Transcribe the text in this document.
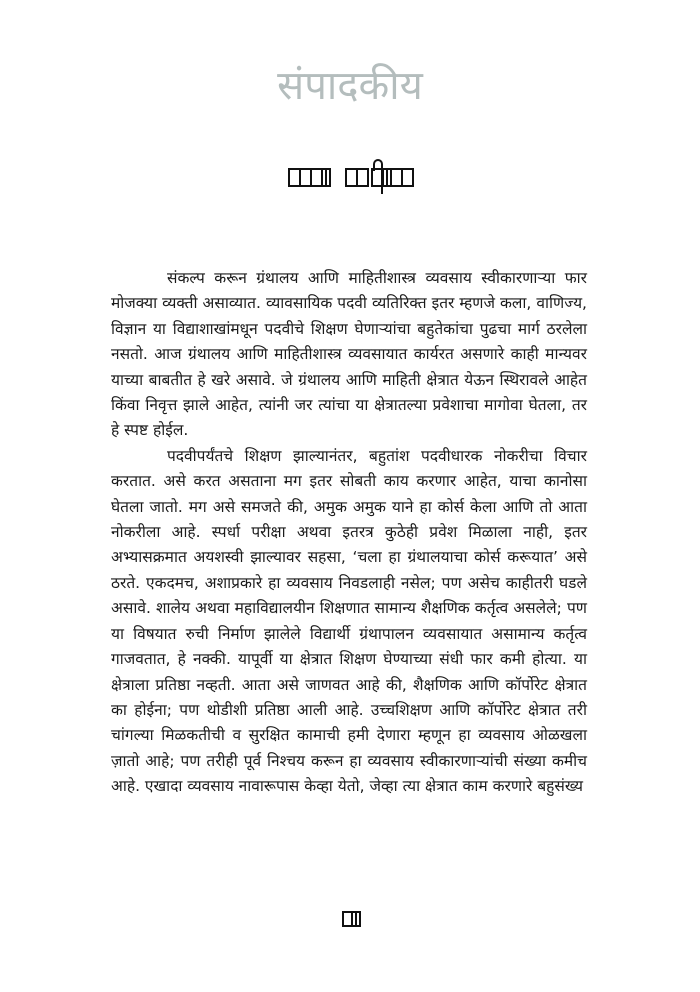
संपादकीय

संकल्प करून ग्रंथालय आणि माहितीशास्त्र व्यवसाय स्वीकारणाऱ्या फार मोजक्या व्यक्ती असाव्यात. व्यावसायिक पदवी व्यतिरिक्त इतर म्हणजे कला, वाणिज्य, विज्ञान या विद्याशाखांमधून पदवीचे शिक्षण घेणाऱ्यांचा बहुतेकांचा पुढचा मार्ग ठरलेला नसतो. आज ग्रंथालय आणि माहितीशास्त्र व्यवसायात कार्यरत असणारे काही मान्यवर याच्या बाबतीत हे खरे असावे. जे ग्रंथालय आणि माहिती क्षेत्रात येऊन स्थिरावले आहेत किंवा निवृत्त झाले आहेत, त्यांनी जर त्यांचा या क्षेत्रातल्या प्रवेशाचा मागोवा घेतला, तर हे स्पष्ट होईल.

पदवीपर्यंतचे शिक्षण झाल्यानंतर, बहुतांश पदवीधारक नोकरीचा विचार करतात. असे करत असताना मग इतर सोबती काय करणार आहेत, याचा कानोसा घेतला जातो. मग असे समजते की, अमुक अमुक याने हा कोर्स केला आणि तो आता नोकरीला आहे. स्पर्धा परीक्षा अथवा इतरत्र कुठेही प्रवेश मिळाला नाही, इतर अभ्यासक्रमात अयशस्वी झाल्यावर सहसा, ‘चला हा ग्रंथालयाचा कोर्स करूयात’ असे ठरते. एकदमच, अशाप्रकारे हा व्यवसाय निवडलाही नसेल; पण असेच काहीतरी घडले असावे. शालेय अथवा महाविद्यालयीन शिक्षणात सामान्य शैक्षणिक कर्तृत्व असलेले; पण या विषयात रुची निर्माण झालेले विद्यार्थी ग्रंथापालन व्यवसायात असामान्य कर्तृत्व गाजवतात, हे नक्की. यापूर्वी या क्षेत्रात शिक्षण घेण्याच्या संधी फार कमी होत्या. या क्षेत्राला प्रतिष्ठा नव्हती. आता असे जाणवत आहे की, शैक्षणिक आणि कॉर्पोरेट क्षेत्रात का होईना; पण थोडीशी प्रतिष्ठा आली आहे. उच्चशिक्षण आणि कॉर्पोरेट क्षेत्रात तरी चांगल्या मिळकतीची व सुरक्षित कामाची हमी देणारा म्हणून हा व्यवसाय ओळखला ज़ातो आहे; पण तरीही पूर्व निश्चय करून हा व्यवसाय स्वीकारणाऱ्यांची संख्या कमीच आहे. एखादा व्यवसाय नावारूपास केव्हा येतो, जेव्हा त्या क्षेत्रात काम करणारे बहुसंख्य
